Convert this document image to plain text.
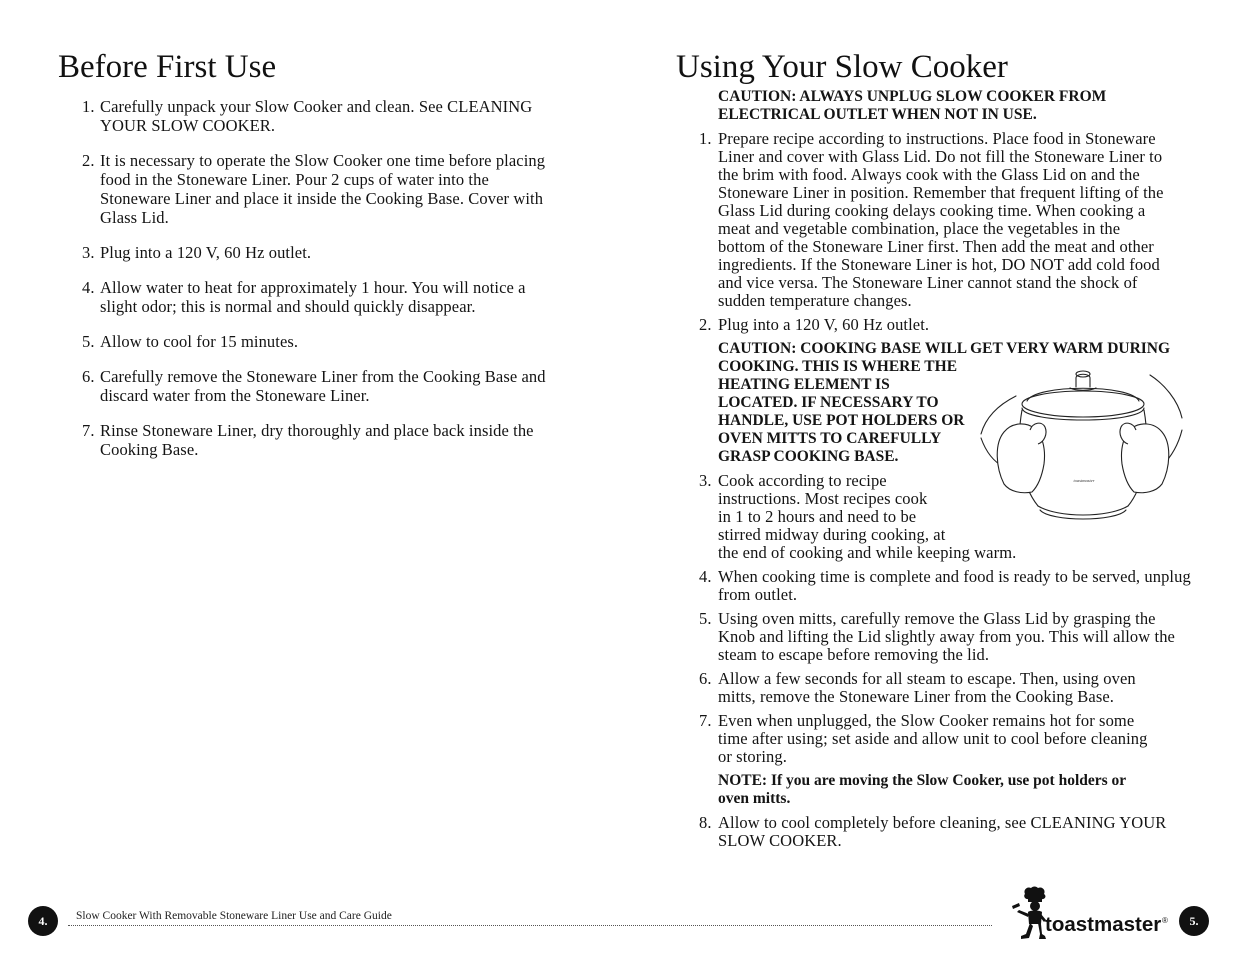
Before First Use
1. Carefully unpack your Slow Cooker and clean. See CLEANING
YOUR SLOW COOKER.
2. It is necessary to operate the Slow Cooker one time before placing
food in the Stoneware Liner. Pour 2 cups of water into the
Stoneware Liner and place it inside the Cooking Base. Cover with
Glass Lid.
3. Plug into a 120 V, 60 Hz outlet.
4. Allow water to heat for approximately 1 hour. You will notice a
slight odor; this is normal and should quickly disappear.
5. Allow to cool for 15 minutes.
6. Carefully remove the Stoneware Liner from the Cooking Base and
discard water from the Stoneware Liner.
7. Rinse Stoneware Liner, dry thoroughly and place back inside the
Cooking Base.
Using Your Slow Cooker
CAUTION: ALWAYS UNPLUG SLOW COOKER FROM
ELECTRICAL OUTLET WHEN NOT IN USE.
1. Prepare recipe according to instructions. Place food in Stoneware
Liner and cover with Glass Lid. Do not fill the Stoneware Liner to
the brim with food. Always cook with the Glass Lid on and the
Stoneware Liner in position. Remember that frequent lifting of the
Glass Lid during cooking delays cooking time. When cooking a
meat and vegetable combination, place the vegetables in the
bottom of the Stoneware Liner first. Then add the meat and other
ingredients. If the Stoneware Liner is hot, DO NOT add cold food
and vice versa. The Stoneware Liner cannot stand the shock of
sudden temperature changes.
2. Plug into a 120 V, 60 Hz outlet.
CAUTION: COOKING BASE WILL GET VERY WARM DURING
COOKING. THIS IS WHERE THE
HEATING ELEMENT IS
LOCATED. IF NECESSARY TO
HANDLE, USE POT HOLDERS OR
OVEN MITTS TO CAREFULLY
GRASP COOKING BASE.
3. Cook according to recipe
instructions. Most recipes cook
in 1 to 2 hours and need to be
stirred midway during cooking, at
the end of cooking and while keeping warm.
4. When cooking time is complete and food is ready to be served, unplug
from outlet.
5. Using oven mitts, carefully remove the Glass Lid by grasping the
Knob and lifting the Lid slightly away from you. This will allow the
steam to escape before removing the lid.
6. Allow a few seconds for all steam to escape. Then, using oven
mitts, remove the Stoneware Liner from the Cooking Base.
7. Even when unplugged, the Slow Cooker remains hot for some
time after using; set aside and allow unit to cool before cleaning
or storing.
NOTE: If you are moving the Slow Cooker, use pot holders or
oven mitts.
8. Allow to cool completely before cleaning, see CLEANING YOUR
SLOW COOKER.
toastmaster
4. Slow Cooker With Removable Stoneware Liner Use and Care Guide	toastmaster ® 5.
